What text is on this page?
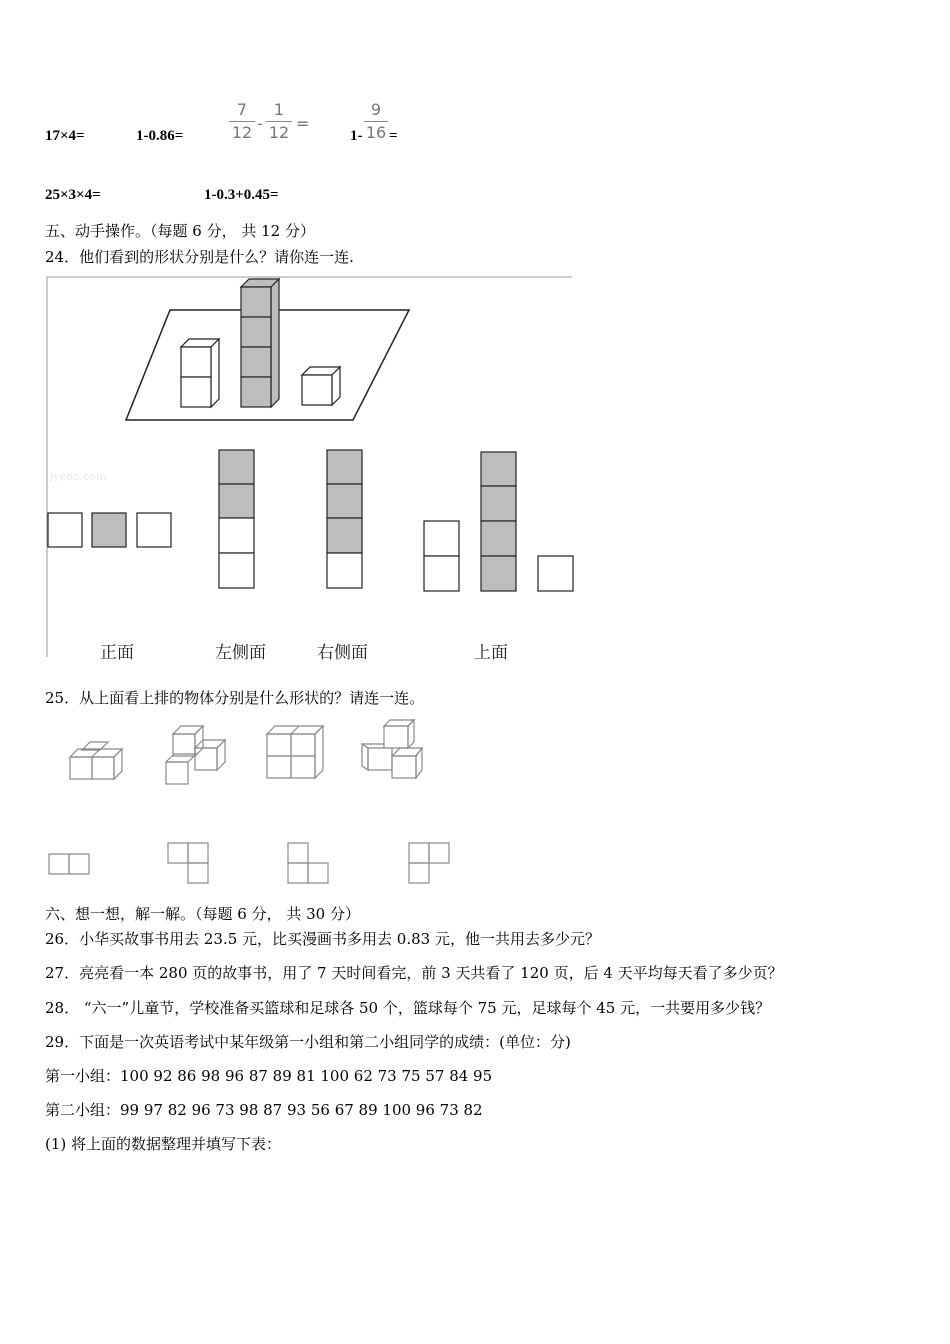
17×4=	1-0.86=
7
12 -
1
12 =
1-
9
16 =
25×3×4=	1-0.3+0.45=
五、动手操作。（每题 6 分， 共 12 分）
24．他们看到的形状分别是什么？请你连一连.
jyeoo.com
正面	左侧面	右侧面	上面
25．从上面看上排的物体分别是什么形状的？请连一连。
六、想一想，解一解。（每题 6 分， 共 30 分）
26．小华买故事书用去 23.5 元，比买漫画书多用去 0.83 元，他一共用去多少元？
27．亮亮看一本 280 页的故事书，用了 7 天时间看完，前 3 天共看了 120 页，后 4 天平均每天看了多少页？
28． “六一”儿童节，学校准备买篮球和足球各 50 个，篮球每个 75 元，足球每个 45 元，一共要用多少钱？
29．下面是一次英语考试中某年级第一小组和第二小组同学的成绩：(单位：分)
第一小组：100 92 86 98 96 87 89 81 100 62 73 75 57 84 95
第二小组：99 97 82 96 73 98 87 93 56 67 89 100 96 73 82
(1) 将上面的数据整理并填写下表：
